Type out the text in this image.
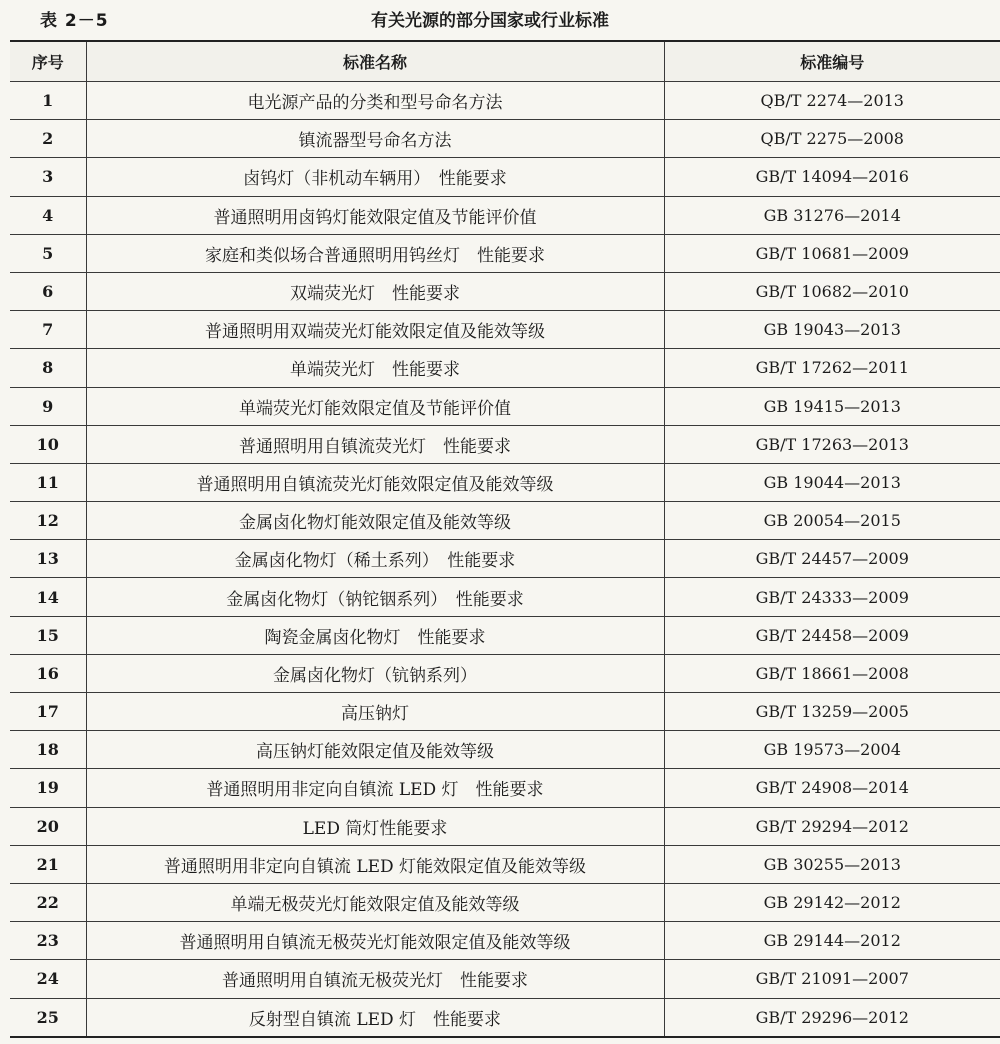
表 2－5	有关光源的部分国家或行业标准
序号	标准名称	标准编号
1	电光源产品的分类和型号命名方法	QB/T 2274—2013
2	镇流器型号命名方法	QB/T 2275—2008
3	卤钨灯（非机动车辆用）　性能要求	GB/T 14094—2016
4	普通照明用卤钨灯能效限定值及节能评价值	GB 31276—2014
5	家庭和类似场合普通照明用钨丝灯　性能要求	GB/T 10681—2009
6	双端荧光灯　性能要求	GB/T 10682—2010
7	普通照明用双端荧光灯能效限定值及能效等级	GB 19043—2013
8	单端荧光灯　性能要求	GB/T 17262—2011
9	单端荧光灯能效限定值及节能评价值	GB 19415—2013
10	普通照明用自镇流荧光灯　性能要求	GB/T 17263—2013
11	普通照明用自镇流荧光灯能效限定值及能效等级	GB 19044—2013
12	金属卤化物灯能效限定值及能效等级	GB 20054—2015
13	金属卤化物灯（稀土系列）　性能要求	GB/T 24457—2009
14	金属卤化物灯（钠铊铟系列）　性能要求	GB/T 24333—2009
15	陶瓷金属卤化物灯　性能要求	GB/T 24458—2009
16	金属卤化物灯（钪钠系列）	GB/T 18661—2008
17	高压钠灯	GB/T 13259—2005
18	高压钠灯能效限定值及能效等级	GB 19573—2004
19	普通照明用非定向自镇流 LED 灯　性能要求	GB/T 24908—2014
20	LED 筒灯性能要求	GB/T 29294—2012
21	普通照明用非定向自镇流 LED 灯能效限定值及能效等级	GB 30255—2013
22	单端无极荧光灯能效限定值及能效等级	GB 29142—2012
23	普通照明用自镇流无极荧光灯能效限定值及能效等级	GB 29144—2012
24	普通照明用自镇流无极荧光灯　性能要求	GB/T 21091—2007
25	反射型自镇流 LED 灯　性能要求	GB/T 29296—2012
